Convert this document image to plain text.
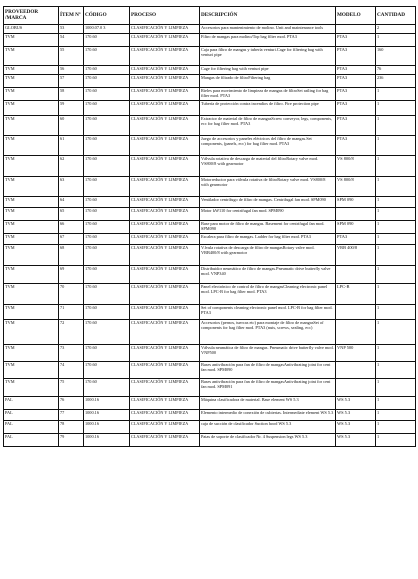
PROVEEDOR /MARCA	ÍTEM Nº	CÓDIGO	PROCESO	DESCRIPCIÓN	MODELO	CANTIDAD
GLOBUS	53	1000.07.0 3	CLASIFICACIÓN Y LIMPIEZA	Accesorios para mantenimiento de molino. Unit and maintenance tools		2
TVM	54	170.60	CLASIFICACIÓN Y LIMPIEZA	Filtro de mangas para molino/Top bag filter mod. PTA3	PTA3	1
TVM	55	170.60	CLASIFICACIÓN Y LIMPIEZA	Caja para filtro de mangas y tubería venturi.Cage for filtering bag with venturi pipe	PTA3	160
TVM	56	170.60	CLASIFICACIÓN Y LIMPIEZA	Cage for filtering bag with venturi pipe	PTA3	76
TVM	57	170.60	CLASIFICACIÓN Y LIMPIEZA	Mangas de filtrado de filtroFiltering bag	PTA3	236
TVM	58	170.60	CLASIFICACIÓN Y LIMPIEZA	Rieles para movimiento de limpieza de mangas de filtroSet railing for bag filter mod. PTA3	PTA3	1
TVM	59	170.60	CLASIFICACIÓN Y LIMPIEZA	Tubería de protección contra incendios de filtro. Fire protection pipe	PTA3	1
TVM	60	170.60	CLASIFICACIÓN Y LIMPIEZA	Extractor de material de filtro de mangasScrew conveyor, legs, components, ecc for bag filter mod. PTA3	PTA3	1
TVM	61	170.60	CLASIFICACIÓN Y LIMPIEZA	Juego de accesorios y paneles eléctricos del filtro de mangas.Set components, (panels, ecc) for bag filter mod. PTA3	PTA3	1
TVM	62	170.60	CLASIFICACIÓN Y LIMPIEZA	Válvula rotativa de descarga de material del filtroRotary valve mod. VS800/8 with gearmotor	VS 800/8	1
TVM	63	170.60	CLASIFICACIÓN Y LIMPIEZA	Motorreductor para válvula rotativa de filtroRotary valve mod. VS800/8 with gearmotor	VS 800/8	1
TVM	64	170.60	CLASIFICACIÓN Y LIMPIEZA	Ventilador centrífugo de filtro de mangas. Centrifugal fan mod. SPM090	SPM 090	1
TVM	65	170.60	CLASIFICACIÓN Y LIMPIEZA	Motor kW110 for centrifugal fan mod. SPM090		1
TVM	66	170.60	CLASIFICACIÓN Y LIMPIEZA	Base para motor de filtro de mangas. Basement for centrifugal fan mod. SPM090	SPM 090	1
TVM	67	170.60	CLASIFICACIÓN Y LIMPIEZA	Escalera para filtro de mangas. Ladder for bag filter mod. PTA3	PTA3	1
TVM	68	170.60	CLASIFICACIÓN Y LIMPIEZA	V.lvula rotativa de descarga de filtro de mangasRotary valve mod. VRB400/8 with gearmotor	VRB 400/8	1
TVM	69	170.60	CLASIFICACIÓN Y LIMPIEZA	Distribuidor neumático de filtro de mangas.Pneumatic drive butterfly valve mod. VNP340		1
TVM	70	170.60	CLASIFICACIÓN Y LIMPIEZA	Panel electrónico de control de filtro de mangasCleaning electronic panel mod. LPC-B for bag filter mod. PTA3	LPC-B	1
TVM	71	170.60	CLASIFICACIÓN Y LIMPIEZA	Set of components cleaning electronic panel mod. LPC-B for bag filter mod. PTA3		1
TVM	72	170.60	CLASIFICACIÓN Y LIMPIEZA	Accesorios (pernos, tuercas etc) para montaje de filtro de mangasSet of components for bag filter mod. PTA3 (nuts, screws, sealing, ecc)		1
TVM	73	170.60	CLASIFICACIÓN Y LIMPIEZA	Válvula neumática de filtro de mangas. Pneumatic drive butterfly valve mod. VNP500	VNP 500	1
TVM	74	170.60	CLASIFICACIÓN Y LIMPIEZA	Bases antivibración para fan de filtro de mangasAntivibrating joint for cent fan mod. SPM090		1
TVM	75	170.60	CLASIFICACIÓN Y LIMPIEZA	Bases antivibración para fan de filtro de mangasAntivibrating joint for cent fan mod. SPM091		1
PAL	76	1000.16	CLASIFICACIÓN Y LIMPIEZA	Máquina clasificadora de material. Base element WS 5.3	WS 5.3	1
PAL	77	1000.16	CLASIFICACIÓN Y LIMPIEZA	Elemento intermedio de conexión de cubiertas. Intermediate element WS 5.3	WS 5.3	1
PAL	78	1000.16	CLASIFICACIÓN Y LIMPIEZA	caja de succión de clasificador Suction hood WS 5.3	WS 5.3	1
PAL	79	1000.16	CLASIFICACIÓN Y LIMPIEZA	Patas de soporte de clasificador Nr. 4 Suspension legs WS 5.3	WS 5.3	1
